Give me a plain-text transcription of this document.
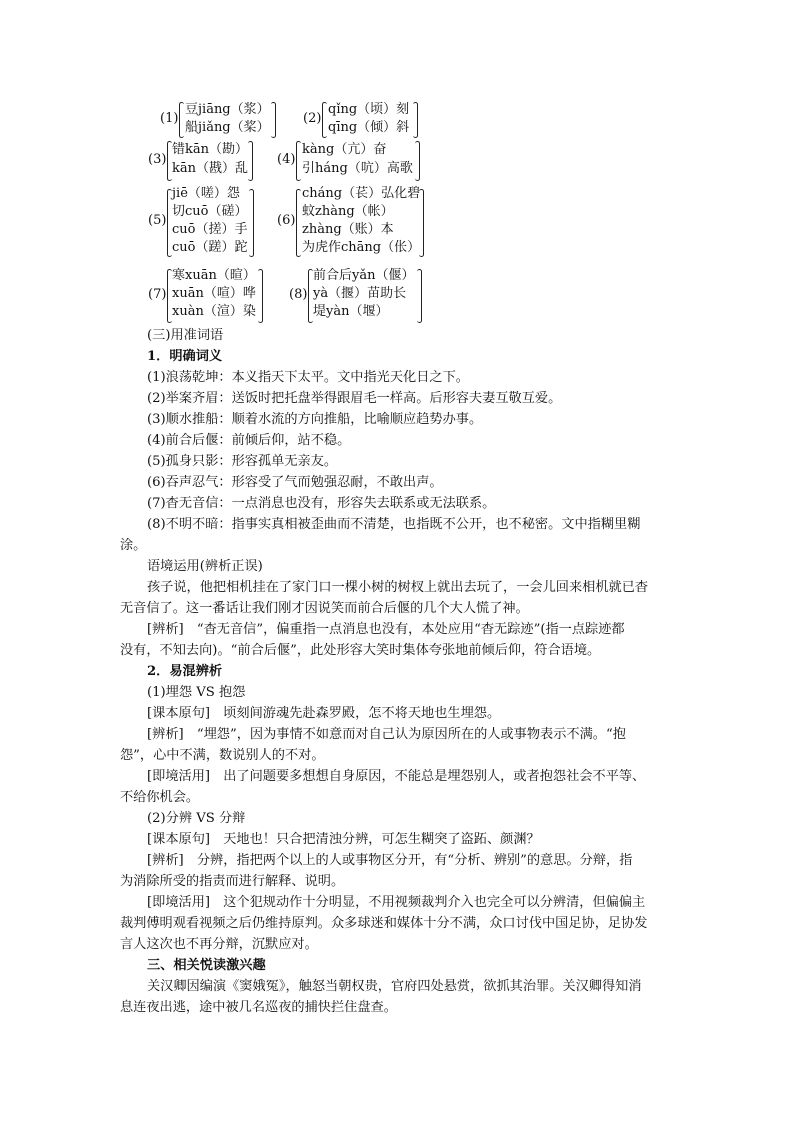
(1)
豆jiāng（浆）
船jiǎng（桨）
(2)
qǐng（顷）刻
qīng（倾）斜
(3)
错kān（勘）
kān（戡）乱
(4)
kàng（亢）奋
引háng（吭）高歌
(5)
jiē（嗟）怨
切cuō（磋）
cuō（搓）手
cuō（蹉）跎
(6)
cháng（苌）弘化碧
蚊zhàng（帐）
zhàng（账）本
为虎作chāng（伥）
(7)
寒xuān（暄）
xuān（喧）哗
xuàn（渲）染
(8)
前合后yǎn（偃）
yà（揠）苗助长
堤yàn（堰）
(三)用准词语
1．明确词义
(1)浪荡乾坤：本义指天下太平。文中指光天化日之下。
(2)举案齐眉：送饭时把托盘举得跟眉毛一样高。后形容夫妻互敬互爱。
(3)顺水推船：顺着水流的方向推船，比喻顺应趋势办事。
(4)前合后偃：前倾后仰，站不稳。
(5)孤身只影：形容孤单无亲友。
(6)吞声忍气：形容受了气而勉强忍耐，不敢出声。
(7)杳无音信：一点消息也没有，形容失去联系或无法联系。
(8)不明不暗：指事实真相被歪曲而不清楚，也指既不公开，也不秘密。文中指糊里糊
涂。
语境运用(辨析正误)
孩子说，他把相机挂在了家门口一棵小树的树杈上就出去玩了，一会儿回来相机就已杳
无音信了。这一番话让我们刚才因说笑而前合后偃的几个大人慌了神。
[辨析]　“杳无音信”，偏重指一点消息也没有，本处应用“杳无踪迹”(指一点踪迹都
没有，不知去向)。“前合后偃”，此处形容大笑时集体夸张地前倾后仰，符合语境。
2．易混辨析
(1)埋怨 VS 抱怨
[课本原句]　顷刻间游魂先赴森罗殿，怎不将天地也生埋怨。
[辨析]　“埋怨”，因为事情不如意而对自己认为原因所在的人或事物表示不满。“抱
怨”，心中不满，数说别人的不对。
[即境活用]　出了问题要多想想自身原因，不能总是埋怨别人，或者抱怨社会不平等、
不给你机会。
(2)分辨 VS 分辩
[课本原句]　天地也！只合把清浊分辨，可怎生糊突了盗跖、颜渊？
[辨析]　分辨，指把两个以上的人或事物区分开，有“分析、辨别”的意思。分辩，指
为消除所受的指责而进行解释、说明。
[即境活用]　这个犯规动作十分明显，不用视频裁判介入也完全可以分辨清，但偏偏主
裁判傅明观看视频之后仍维持原判。众多球迷和媒体十分不满，众口讨伐中国足协，足协发
言人这次也不再分辩，沉默应对。
三、相关悦读激兴趣
关汉卿因编演《窦娥冤》，触怒当朝权贵，官府四处悬赏，欲抓其治罪。关汉卿得知消
息连夜出逃，途中被几名巡夜的捕快拦住盘查。
